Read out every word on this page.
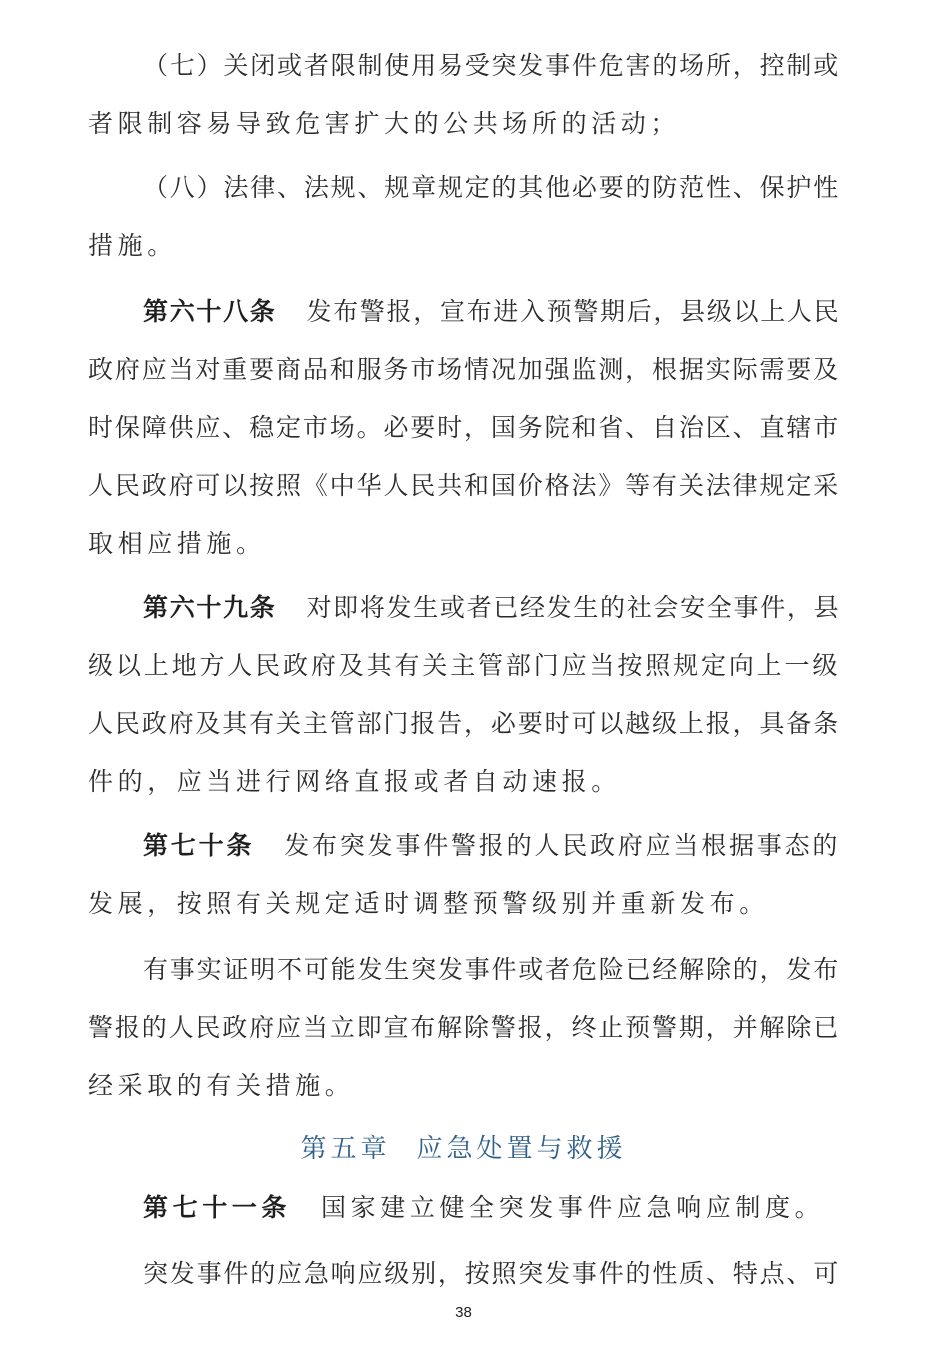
（七）关闭或者限制使用易受突发事件危害的场所，控制或
者限制容易导致危害扩大的公共场所的活动；
（八）法律、法规、规章规定的其他必要的防范性、保护性
措施。
第六十八条 发布警报，宣布进入预警期后，县级以上人民
政府应当对重要商品和服务市场情况加强监测，根据实际需要及
时保障供应、稳定市场。必要时，国务院和省、自治区、直辖市
人民政府可以按照《中华人民共和国价格法》等有关法律规定采
取相应措施。
第六十九条 对即将发生或者已经发生的社会安全事件，县
级以上地方人民政府及其有关主管部门应当按照规定向上一级
人民政府及其有关主管部门报告，必要时可以越级上报，具备条
件的，应当进行网络直报或者自动速报。
第七十条 发布突发事件警报的人民政府应当根据事态的
发展，按照有关规定适时调整预警级别并重新发布。
有事实证明不可能发生突发事件或者危险已经解除的，发布
警报的人民政府应当立即宣布解除警报，终止预警期，并解除已
经采取的有关措施。
第五章 应急处置与救援
第七十一条 国家建立健全突发事件应急响应制度。
突发事件的应急响应级别，按照突发事件的性质、特点、可
38
